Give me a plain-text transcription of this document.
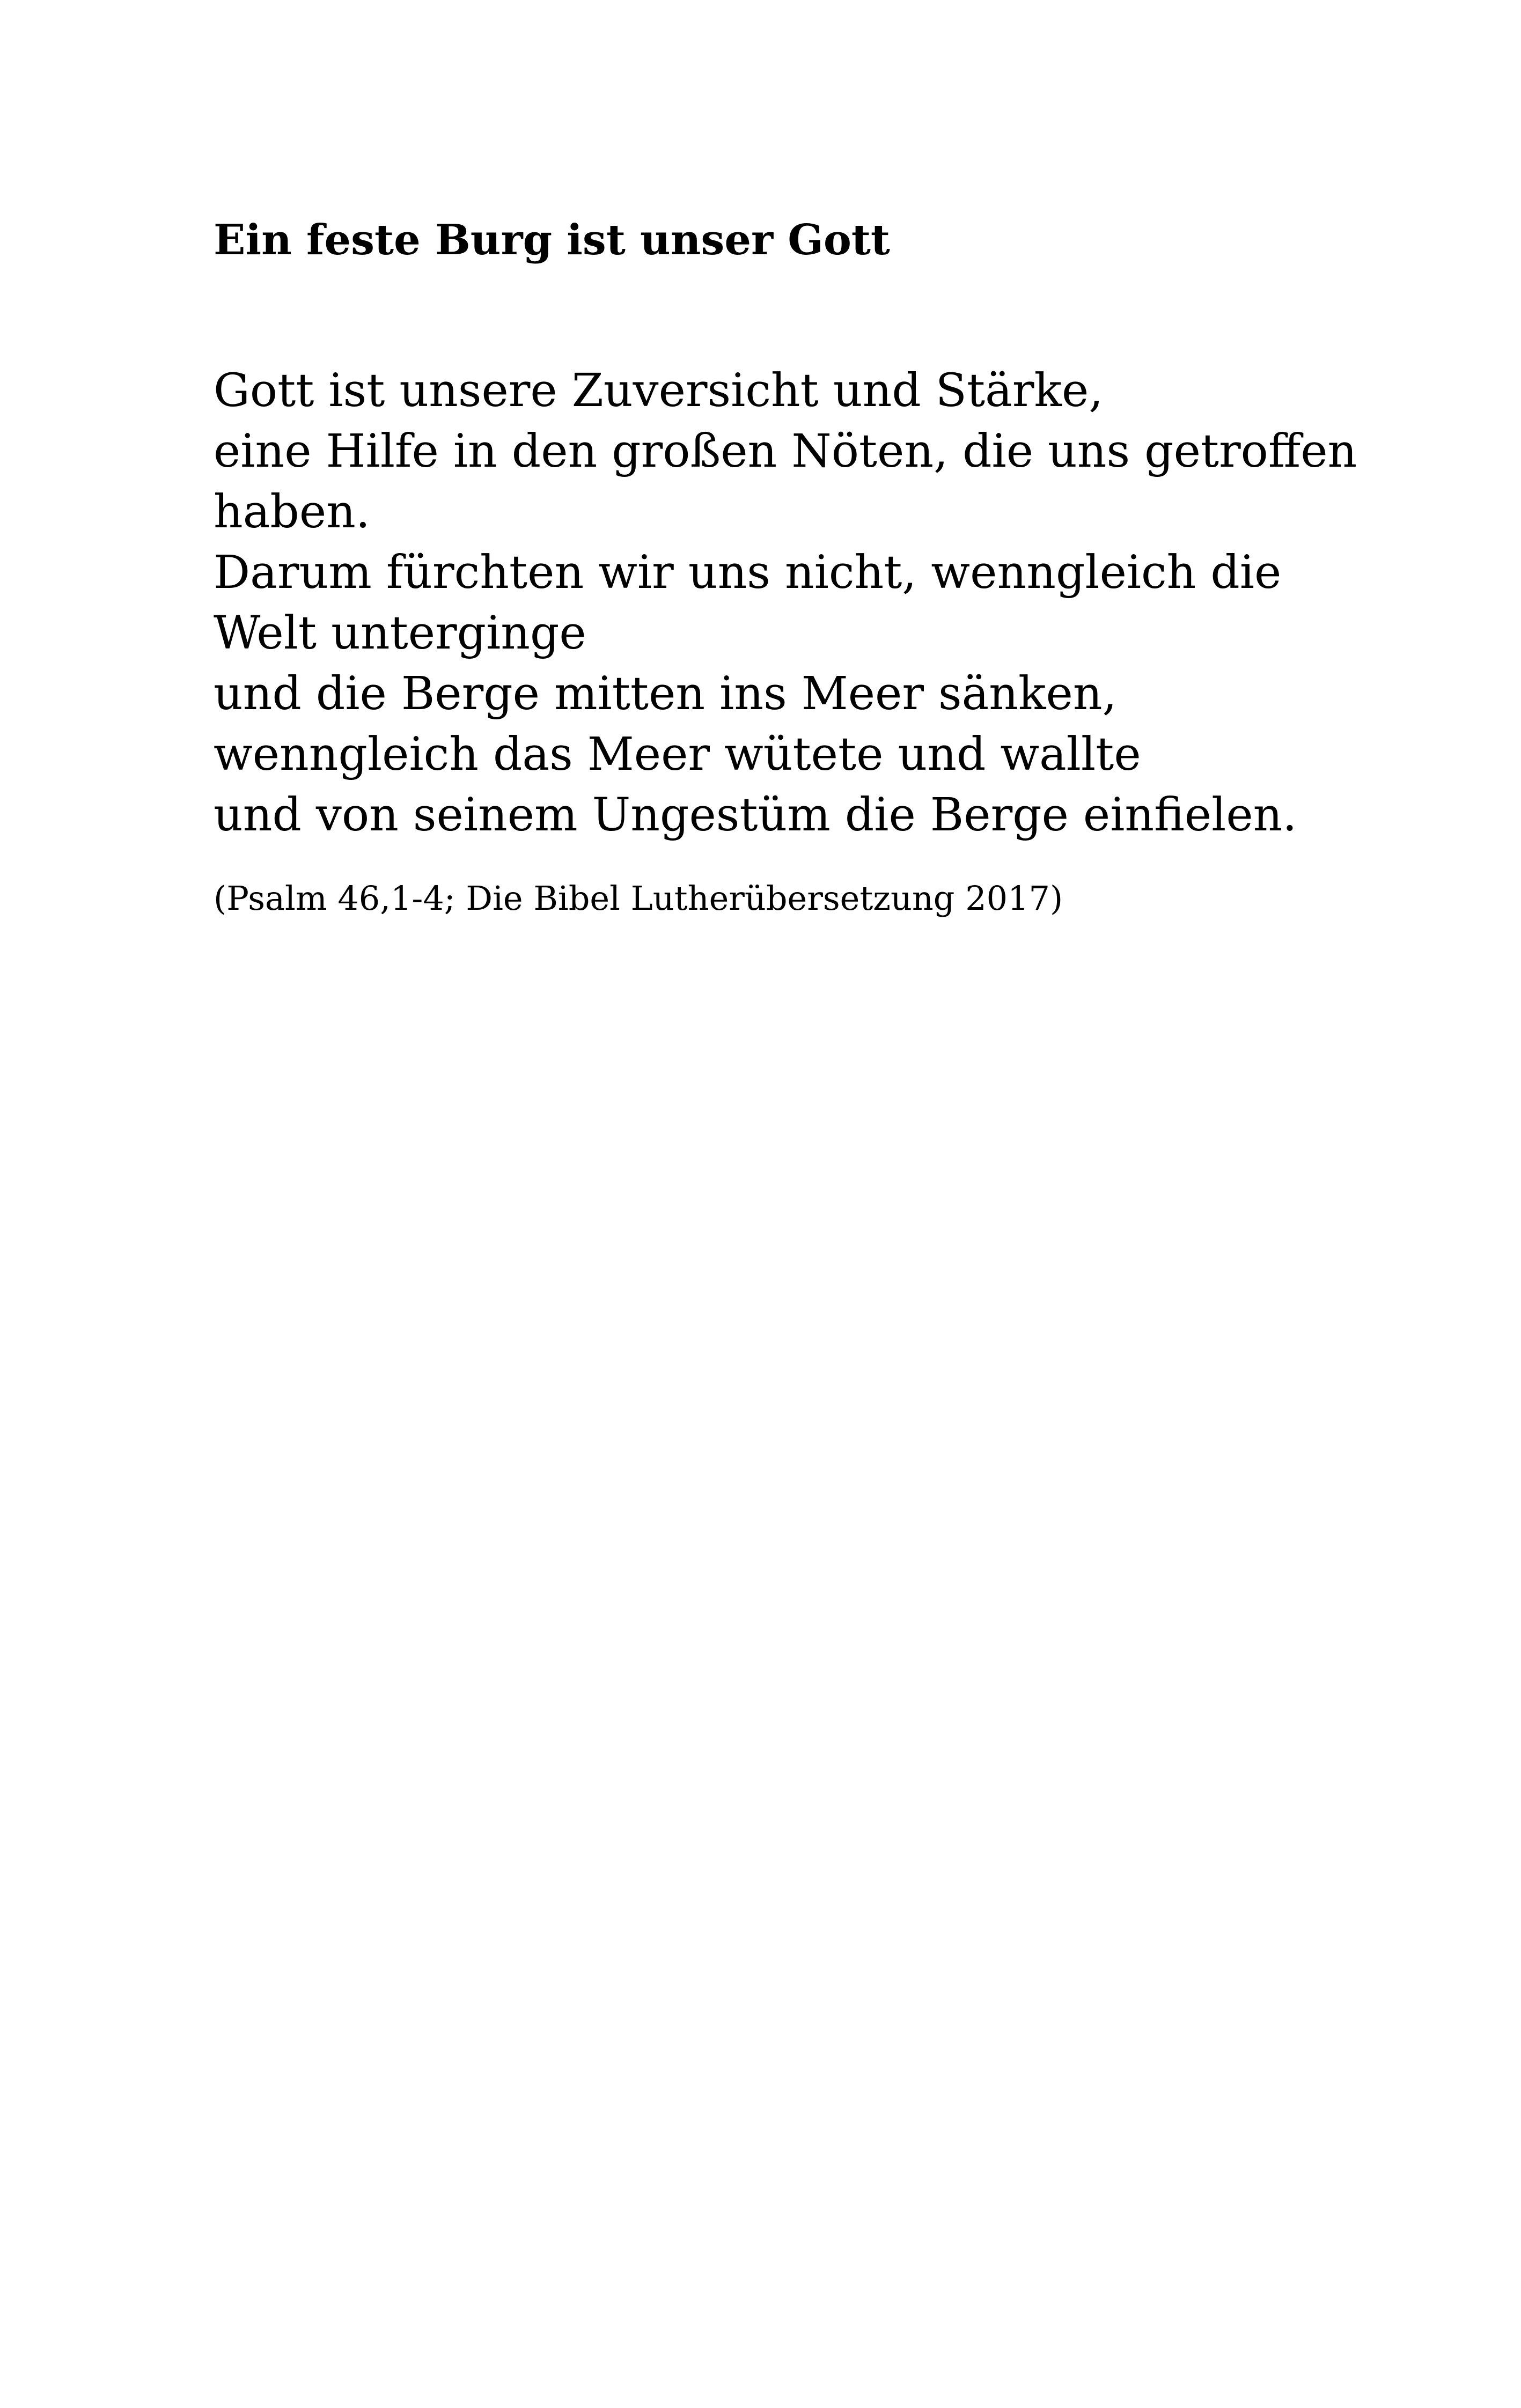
Ein feste Burg ist unser Gott
Gott ist unsere Zuversicht und Stärke,
eine Hilfe in den großen Nöten, die uns getroffen
haben.
Darum fürchten wir uns nicht, wenngleich die
Welt unterginge
und die Berge mitten ins Meer sänken,
wenngleich das Meer wütete und wallte
und von seinem Ungestüm die Berge einfielen.

(Psalm 46,1-4; Die Bibel Lutherübersetzung 2017)
